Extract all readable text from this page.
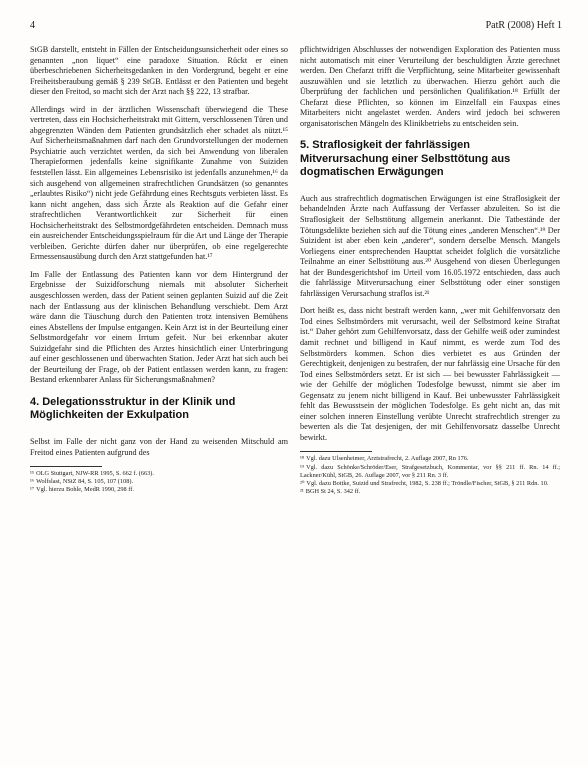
4	PatR (2008) Heft 1

StGB darstellt, entsteht in Fällen der Entscheidungsunsicherheit oder eines so genannten „non liquet“ eine paradoxe Situation. Rückt er einen überbeschriebenen Sicherheitsgedanken in den Vordergrund, begeht er eine Freiheitsberaubung gemäß § 239 StGB. Entlässt er den Patienten und begeht dieser den Freitod, so macht sich der Arzt nach §§ 222, 13 strafbar.

Allerdings wird in der ärztlichen Wissenschaft überwiegend die These vertreten, dass ein Hochsicherheitstrakt mit Gittern, verschlossenen Türen und abgegrenzten Wänden dem Patienten grundsätzlich eher schadet als nützt.¹⁵ Auf Sicherheitsmaßnahmen darf nach den Grundvorstellungen der modernen Psychiatrie auch verzichtet werden, da sich bei Anwendung von liberalen Therapieformen jedenfalls keine signifikante Zunahme von Suiziden feststellen lässt. Ein allgemeines Lebensrisiko ist jedenfalls anzunehmen,¹⁶ da sich ausgehend von allgemeinen strafrechtlichen Grundsätzen (so genanntes „erlaubtes Risiko“) nicht jede Gefährdung eines Rechtsguts verbieten lässt. Es kann nicht angehen, dass sich Ärzte als Reaktion auf die Gefahr einer strafrechtlichen Verantwortlichkeit zur Sicherheit für einen Hochsicherheitstrakt des Selbstmordgefährdeten entscheiden. Demnach muss ein ausreichender Entscheidungsspielraum für die Art und Länge der Therapie verbleiben. Gerichte dürfen daher nur überprüfen, ob eine regelgerechte Ermessensausübung durch den Arzt stattgefunden hat.¹⁷

Im Falle der Entlassung des Patienten kann vor dem Hintergrund der Ergebnisse der Suizidforschung niemals mit absoluter Sicherheit ausgeschlossen werden, dass der Patient seinen geplanten Suizid auf die Zeit nach der Entlassung aus der klinischen Behandlung verschiebt. Dem Arzt wäre dann die Täuschung durch den Patienten trotz intensiven Bemühens eines Abstellens der Impulse entgangen. Kein Arzt ist in der Beurteilung einer Selbstmordgefahr vor einem Irrtum gefeit. Nur bei erkennbar akuter Suizidgefahr sind die Pflichten des Arztes hinsichtlich einer Unterbringung auf einer geschlossenen und überwachten Station. Jeder Arzt hat sich auch bei der Beurteilung der Frage, ob der Patient entlassen werden kann, zu fragen: Bestand erkennbarer Anlass für Sicherungsmaßnahmen?

4. Delegationsstruktur in der Klinik und Möglichkeiten der Exkulpation

Selbst im Falle der nicht ganz von der Hand zu weisenden Mitschuld am Freitod eines Patienten aufgrund des

¹⁵ OLG Stuttgart, NJW-RR 1995, S. 662 f. (663).
¹⁶ Wolfslast, NStZ 84, S. 105, 107 (108).
¹⁷ Vgl. hierzu Bohle, MedR 1990, 298 ff.

pflichtwidrigen Abschlusses der notwendigen Exploration des Patienten muss nicht automatisch mit einer Verurteilung der beschuldigten Ärzte gerechnet werden. Den Chefarzt trifft die Verpflichtung, seine Mitarbeiter gewissenhaft auszuwählen und sie letztlich zu überwachen. Hierzu gehört auch die Überprüfung der fachlichen und persönlichen Qualifikation.¹⁸ Erfüllt der Chefarzt diese Pflichten, so können im Einzelfall ein Fauxpas eines Mitarbeiters nicht angelastet werden. Anders wird jedoch bei schweren organisatorischen Mängeln des Klinikbetriebs zu entscheiden sein.

5. Straflosigkeit der fahrlässigen Mitverursachung einer Selbsttötung aus dogmatischen Erwägungen

Auch aus strafrechtlich dogmatischen Erwägungen ist eine Straflosigkeit der behandelnden Ärzte nach Auffassung der Verfasser abzuleiten. So ist die Straflosigkeit der Selbsttötung allgemein anerkannt. Die Tatbestände der Tötungsdelikte beziehen sich auf die Tötung eines „anderen Menschen“.¹⁹ Der Suizident ist aber eben kein „anderer“, sondern derselbe Mensch. Mangels Vorliegens einer entsprechenden Haupttat scheidet folglich die vorsätzliche Teilnahme an einer Selbsttötung aus.²⁰ Ausgehend von diesen Überlegungen hat der Bundesgerichtshof im Urteil vom 16.05.1972 entschieden, dass auch die fahrlässige Mitverursachung einer Selbsttötung oder einer sonstigen fahrlässigen Verursachung straflos ist.²¹

Dort heißt es, dass nicht bestraft werden kann, „wer mit Gehilfenvorsatz den Tod eines Selbstmörders mit verursacht, weil der Selbstmord keine Straftat ist.“ Daher gehört zum Gehilfenvorsatz, dass der Gehilfe weiß oder zumindest damit rechnet und billigend in Kauf nimmt, es werde zum Tod des Selbstmörders kommen. Schon dies verbietet es aus Gründen der Gerechtigkeit, denjenigen zu bestrafen, der nur fahrlässig eine Ursache für den Tod eines Selbstmörders setzt. Er ist sich — bei bewusster Fahrlässigkeit — wie der Gehilfe der möglichen Todesfolge bewusst, nimmt sie aber im Gegensatz zu jenem nicht billigend in Kauf. Bei unbewusster Fahrlässigkeit fehlt das Bewusstsein der möglichen Todesfolge. Es geht nicht an, das mit einer solchen inneren Einstellung verübte Unrecht strafrechtlich strenger zu bewerten als die Tat desjenigen, der mit Gehilfenvorsatz dasselbe Unrecht bewirkt.

¹⁸ Vgl. dazu Ulsenheimer, Arztstrafrecht, 2. Auflage 2007, Rn 176.
¹⁹ Vgl. dazu Schönke/Schröder/Eser, Strafgesetzbuch, Kommentar, vor §§ 211 ff. Rn. 14 ff.; Lackner/Kühl, StGB, 26. Auflage 2007, vor § 211 Rn. 3 ff.
²⁰ Vgl. dazu Bottke, Suizid und Strafrecht, 1982, S. 238 ff.; Tröndle/Fischer, StGB, § 211 Rdn. 10.
²¹ BGH St 24, S. 342 ff.
